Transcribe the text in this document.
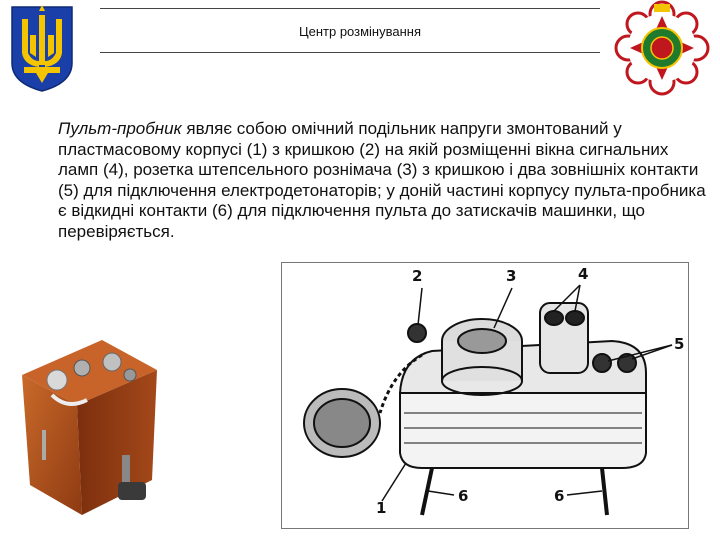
Центр розмінування
Пульт-пробник являє собою омічний подільник напруги змонтований у пластмасовому корпусі (1) з кришкою (2) на якій розміщенні вікна сигнальних ламп (4), розетка штепсельного рознімача (3) з кришкою і два зовнішніх контакти (5) для підключення електродетонаторів; у доній частині корпусу пульта-пробника є відкидні контакти (6) для підключення пульта до затискачів машинки, що перевіряється.
2	3	4
5
1
6	6
